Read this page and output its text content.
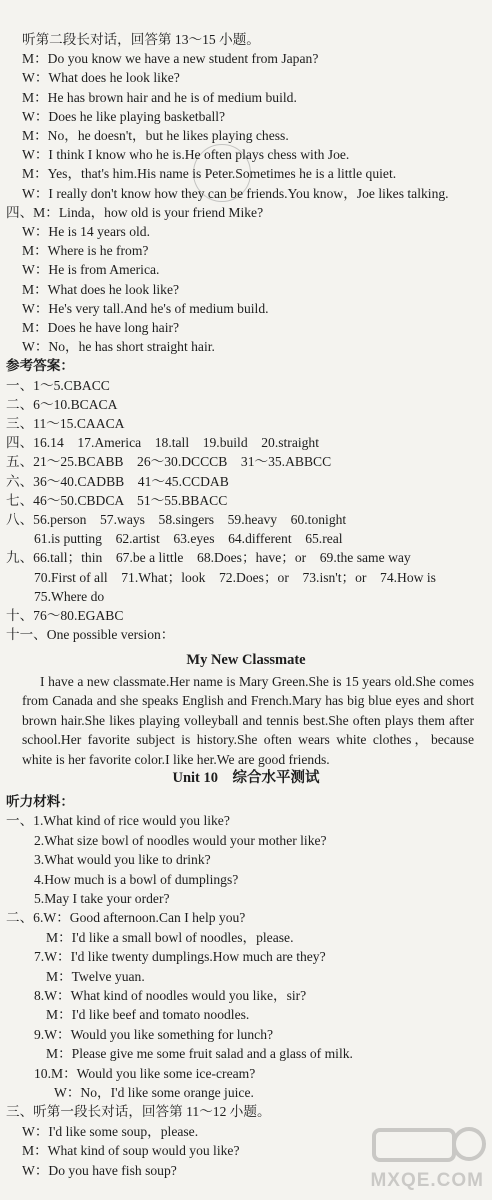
听第二段长对话，回答第 13～15 小题。
M：Do you know we have a new student from Japan?
W：What does he look like?
M：He has brown hair and he is of medium build.
W：Does he like playing basketball?
M：No，he doesn't，but he likes playing chess.
W：I think I know who he is.He often plays chess with Joe.
M：Yes，that's him.His name is Peter.Sometimes he is a little quiet.
W：I really don't know how they can be friends.You know，Joe likes talking.
四、M：Linda，how old is your friend Mike?
W：He is 14 years old.
M：Where is he from?
W：He is from America.
M：What does he look like?
W：He's very tall.And he's of medium build.
M：Does he have long hair?
W：No，he has short straight hair.
参考答案：
一、1～5.CBACC
二、6～10.BCACA
三、11～15.CAACA
四、16.14　17.America　18.tall　19.build　20.straight
五、21～25.BCABB　26～30.DCCCB　31～35.ABBCC
六、36～40.CADBB　41～45.CCDAB
七、46～50.CBDCA　51～55.BBACC
八、56.person　57.ways　58.singers　59.heavy　60.tonight
61.is putting　62.artist　63.eyes　64.different　65.real
九、66.tall；thin　67.be a little　68.Does；have；or　69.the same way
70.First of all　71.What；look　72.Does；or　73.isn't；or　74.How is
75.Where do
十、76～80.EGABC
十一、One possible version：
My New Classmate
I have a new classmate.Her name is Mary Green.She is 15 years old.She comes from Canada and she speaks English and French.Mary has big blue eyes and short brown hair.She likes playing volleyball and tennis best.She often plays them after school.Her favorite subject is history.She often wears white clothes，because white is her favorite color.I like her.We are good friends.
Unit 10　综合水平测试
听力材料：
一、1.What kind of rice would you like?
2.What size bowl of noodles would your mother like?
3.What would you like to drink?
4.How much is a bowl of dumplings?
5.May I take your order?
二、6.W：Good afternoon.Can I help you?
M：I'd like a small bowl of noodles，please.
7.W：I'd like twenty dumplings.How much are they?
M：Twelve yuan.
8.W：What kind of noodles would you like，sir?
M：I'd like beef and tomato noodles.
9.W：Would you like something for lunch?
M：Please give me some fruit salad and a glass of milk.
10.M：Would you like some ice-cream?
W：No，I'd like some orange juice.
三、听第一段长对话，回答第 11～12 小题。
W：I'd like some soup，please.
M：What kind of soup would you like?
W：Do you have fish soup?	MXQE.COM
